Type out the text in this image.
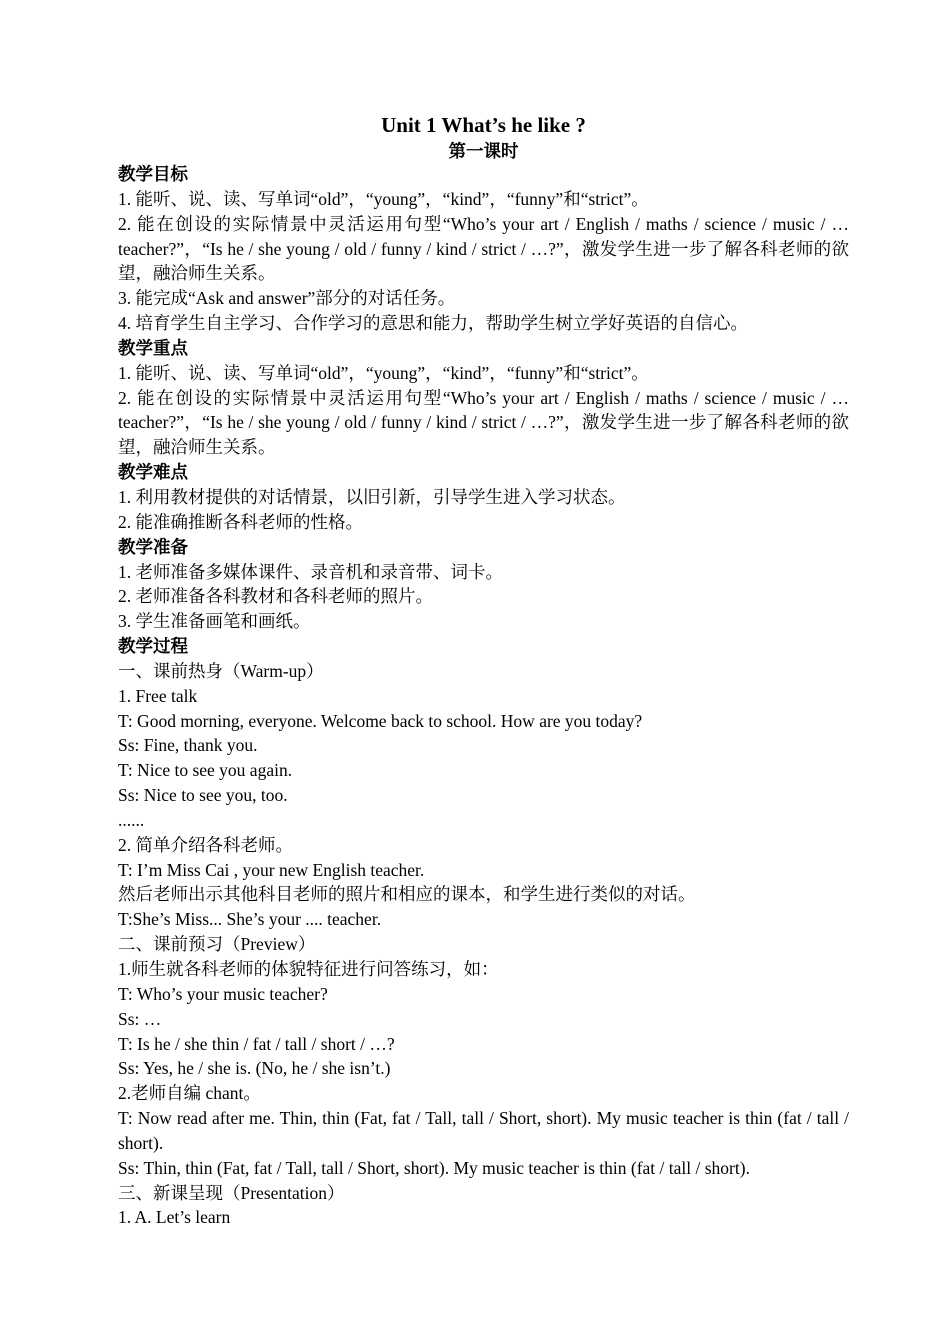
Unit 1 What’s he like ?
第一课时
教学目标
1. 能听、说、读、写单词“old”，“young”，“kind”，“funny”和“strict”。
2. 能在创设的实际情景中灵活运用句型“Who’s your art / English / maths / science / music / … teacher?”，“Is he / she young / old / funny / kind / strict / …?”，激发学生进一步了解各科老师的欲望，融洽师生关系。
3. 能完成“Ask and answer”部分的对话任务。
4. 培育学生自主学习、合作学习的意思和能力，帮助学生树立学好英语的自信心。
教学重点
1. 能听、说、读、写单词“old”，“young”，“kind”，“funny”和“strict”。
2. 能在创设的实际情景中灵活运用句型“Who’s your art / English / maths / science / music / … teacher?”，“Is he / she young / old / funny / kind / strict / …?”，激发学生进一步了解各科老师的欲望，融洽师生关系。
教学难点
1. 利用教材提供的对话情景，以旧引新，引导学生进入学习状态。
2. 能准确推断各科老师的性格。
教学准备
1. 老师准备多媒体课件、录音机和录音带、词卡。
2. 老师准备各科教材和各科老师的照片。
3. 学生准备画笔和画纸。
教学过程
一、课前热身（Warm-up）
1. Free talk
T: Good morning, everyone. Welcome back to school. How are you today?
Ss: Fine, thank you.
T: Nice to see you again.
Ss: Nice to see you, too.
......
2. 简单介绍各科老师。
T: I’m Miss Cai , your new English teacher.
然后老师出示其他科目老师的照片和相应的课本，和学生进行类似的对话。
T:She’s Miss... She’s your .... teacher.
二、课前预习（Preview）
1.师生就各科老师的体貌特征进行问答练习，如：
T: Who’s your music teacher?
Ss: …
T: Is he / she thin / fat / tall / short / …?
Ss: Yes, he / she is. (No, he / she isn’t.)
2.老师自编 chant。
T: Now read after me. Thin, thin (Fat, fat / Tall, tall / Short, short). My music teacher is thin (fat / tall / short).
Ss: Thin, thin (Fat, fat / Tall, tall / Short, short). My music teacher is thin (fat / tall / short).
三、新课呈现（Presentation）
1. A. Let’s learn
